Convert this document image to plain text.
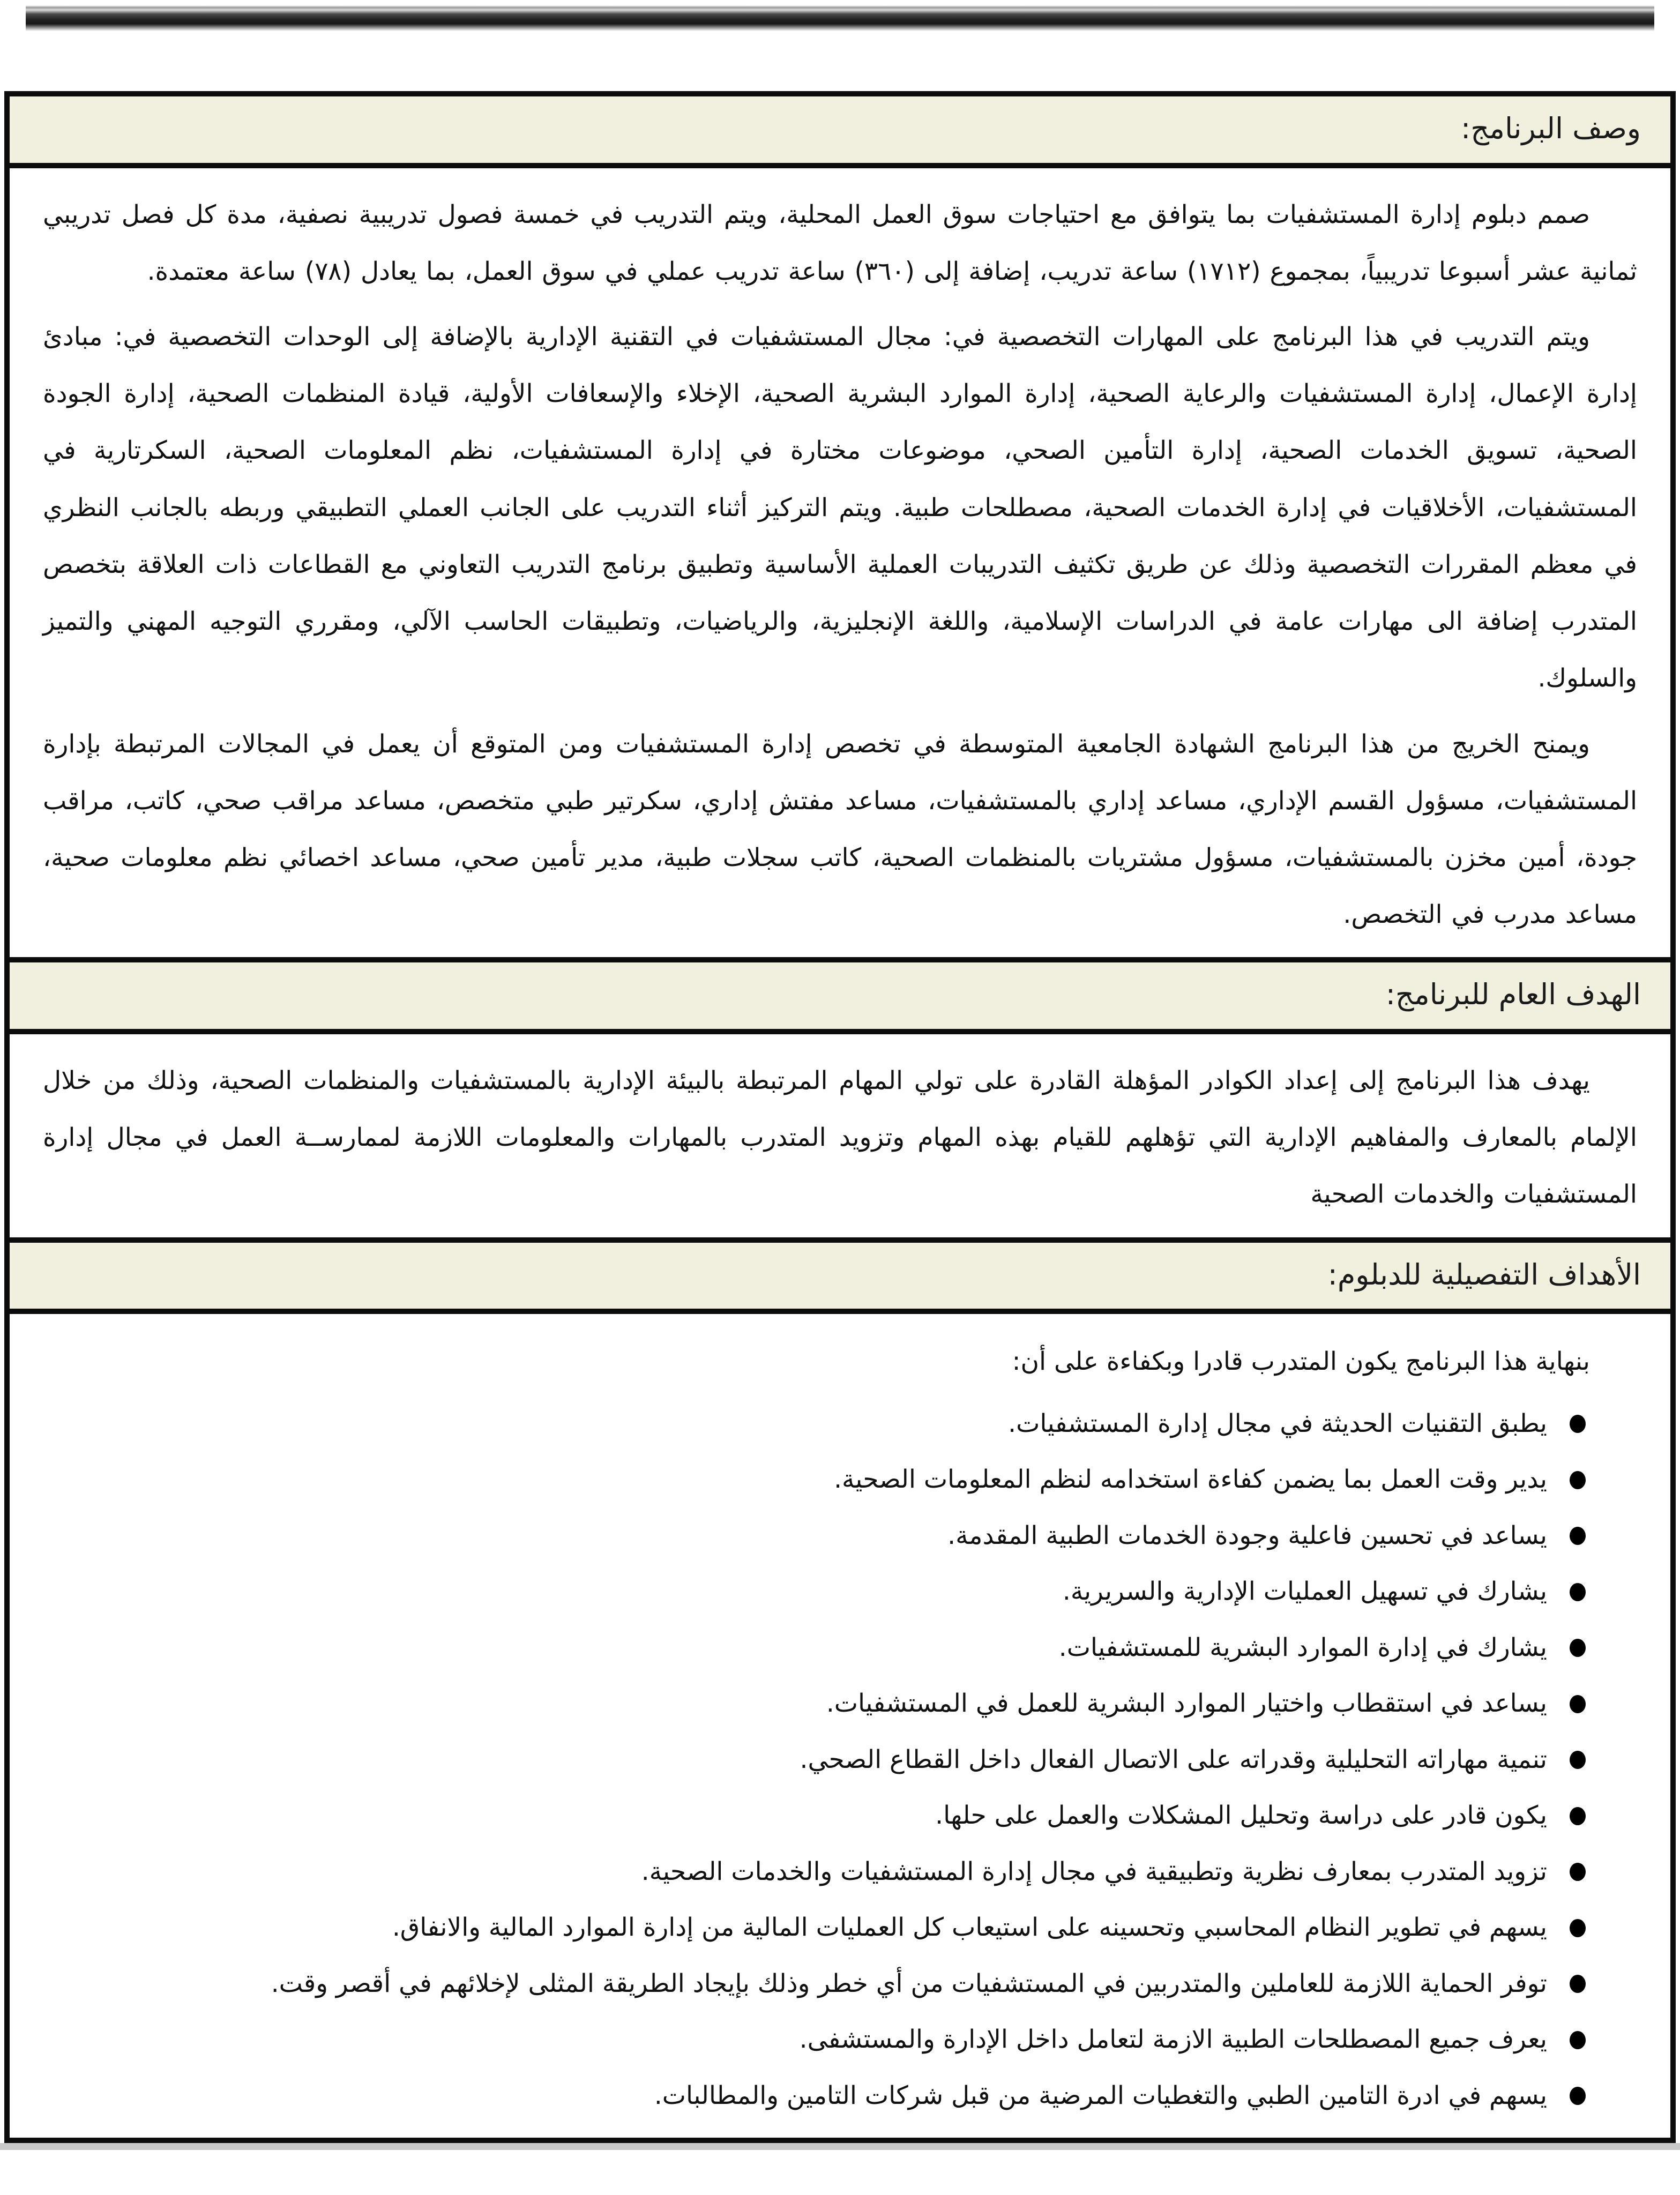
وصف البرنامج:

صمم دبلوم إدارة المستشفيات بما يتوافق مع احتياجات سوق العمل المحلية، ويتم التدريب في خمسة فصول تدريبية نصفية، مدة كل فصل تدريبي ثمانية عشر أسبوعا تدريبياً، بمجموع (١٧١٢) ساعة تدريب، إضافة إلى (٣٦٠) ساعة تدريب عملي في سوق العمل، بما يعادل (٧٨) ساعة معتمدة.

ويتم التدريب في هذا البرنامج على المهارات التخصصية في: مجال المستشفيات في التقنية الإدارية بالإضافة إلى الوحدات التخصصية في: مبادئ إدارة الإعمال، إدارة المستشفيات والرعاية الصحية، إدارة الموارد البشرية الصحية، الإخلاء والإسعافات الأولية، قيادة المنظمات الصحية، إدارة الجودة الصحية، تسويق الخدمات الصحية، إدارة التأمين الصحي، موضوعات مختارة في إدارة المستشفيات، نظم المعلومات الصحية، السكرتارية في المستشفيات، الأخلاقيات في إدارة الخدمات الصحية، مصطلحات طبية. ويتم التركيز أثناء التدريب على الجانب العملي التطبيقي وربطه بالجانب النظري في معظم المقررات التخصصية وذلك عن طريق تكثيف التدريبات العملية الأساسية وتطبيق برنامج التدريب التعاوني مع القطاعات ذات العلاقة بتخصص المتدرب إضافة الى مهارات عامة في الدراسات الإسلامية، واللغة الإنجليزية، والرياضيات، وتطبيقات الحاسب الآلي، ومقرري التوجيه المهني والتميز والسلوك.

ويمنح الخريج من هذا البرنامج الشهادة الجامعية المتوسطة في تخصص إدارة المستشفيات ومن المتوقع أن يعمل في المجالات المرتبطة بإدارة المستشفيات، مسؤول القسم الإداري، مساعد إداري بالمستشفيات، مساعد مفتش إداري، سكرتير طبي متخصص، مساعد مراقب صحي، كاتب، مراقب جودة، أمين مخزن بالمستشفيات، مسؤول مشتريات بالمنظمات الصحية، كاتب سجلات طبية، مدير تأمين صحي، مساعد اخصائي نظم معلومات صحية، مساعد مدرب في التخصص.

الهدف العام للبرنامج:

يهدف هذا البرنامج إلى إعداد الكوادر المؤهلة القادرة على تولي المهام المرتبطة بالبيئة الإدارية بالمستشفيات والمنظمات الصحية، وذلك من خلال الإلمام بالمعارف والمفاهيم الإدارية التي تؤهلهم للقيام بهذه المهام وتزويد المتدرب بالمهارات والمعلومات اللازمة لممارســة العمل في مجال إدارة المستشفيات والخدمات الصحية

الأهداف التفصيلية للدبلوم:

بنهاية هذا البرنامج يكون المتدرب قادرا وبكفاءة على أن:

يطبق التقنيات الحديثة في مجال إدارة المستشفيات.
يدير وقت العمل بما يضمن كفاءة استخدامه لنظم المعلومات الصحية.
يساعد في تحسين فاعلية وجودة الخدمات الطبية المقدمة.
يشارك في تسهيل العمليات الإدارية والسريرية.
يشارك في إدارة الموارد البشرية للمستشفيات.
يساعد في استقطاب واختيار الموارد البشرية للعمل في المستشفيات.
تنمية مهاراته التحليلية وقدراته على الاتصال الفعال داخل القطاع الصحي.
يكون قادر على دراسة وتحليل المشكلات والعمل على حلها.
تزويد المتدرب بمعارف نظرية وتطبيقية في مجال إدارة المستشفيات والخدمات الصحية.
يسهم في تطوير النظام المحاسبي وتحسينه على استيعاب كل العمليات المالية من إدارة الموارد المالية والانفاق.
توفر الحماية اللازمة للعاملين والمتدربين في المستشفيات من أي خطر وذلك بإيجاد الطريقة المثلى لإخلائهم في أقصر وقت.
يعرف جميع المصطلحات الطبية الازمة لتعامل داخل الإدارة والمستشفى.
يسهم في ادرة التامين الطبي والتغطيات المرضية من قبل شركات التامين والمطالبات.
